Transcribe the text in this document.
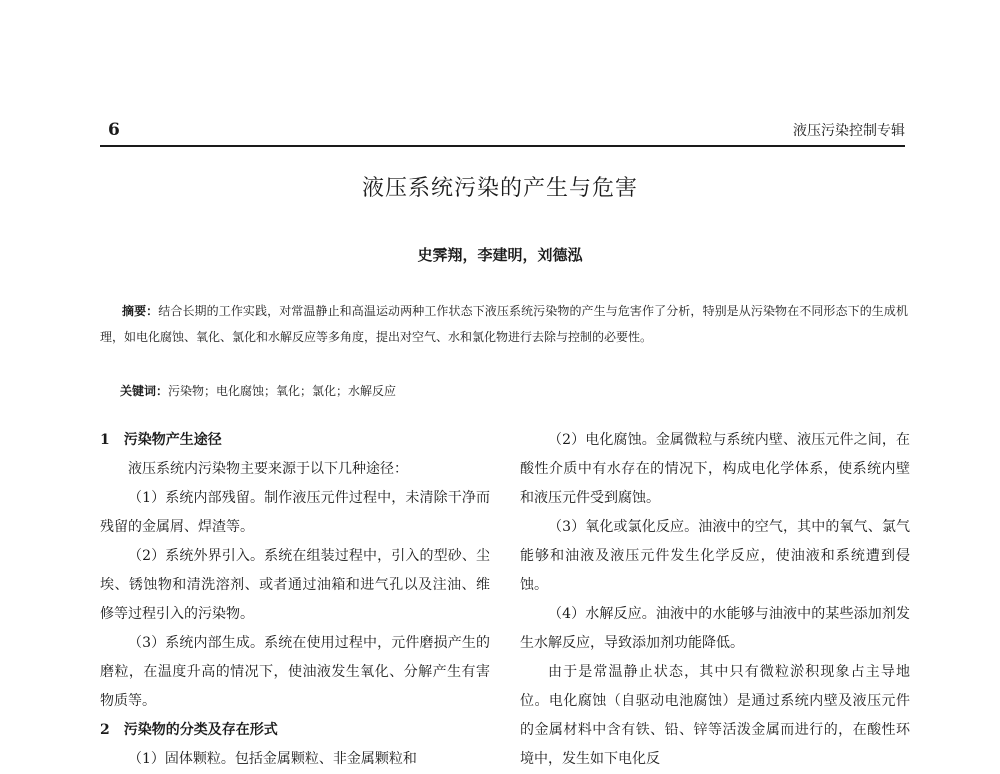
6	液压污染控制专辑
液压系统污染的产生与危害
史霁翔，李建明，刘德泓

摘要：结合长期的工作实践，对常温静止和高温运动两种工作状态下液压系统污染物的产生与危害作了分析，特别是从污染物在不同形态下的生成机理，如电化腐蚀、氧化、氯化和水解反应等多角度，提出对空气、水和氯化物进行去除与控制的必要性。

关键词：污染物；电化腐蚀；氧化；氯化；水解反应

1　污染物产生途径

液压系统内污染物主要来源于以下几种途径：

（1）系统内部残留。制作液压元件过程中，未清除干净而残留的金属屑、焊渣等。

（2）系统外界引入。系统在组装过程中，引入的型砂、尘埃、锈蚀物和清洗溶剂、或者通过油箱和进气孔以及注油、维修等过程引入的污染物。

（3）系统内部生成。系统在使用过程中，元件磨损产生的磨粒，在温度升高的情况下，使油液发生氧化、分解产生有害物质等。

2　污染物的分类及存在形式

（1）固体颗粒。包括金属颗粒、非金属颗粒和

（2）电化腐蚀。金属微粒与系统内壁、液压元件之间，在酸性介质中有水存在的情况下，构成电化学体系，使系统内壁和液压元件受到腐蚀。

（3）氧化或氯化反应。油液中的空气，其中的氧气、氯气能够和油液及液压元件发生化学反应，使油液和系统遭到侵蚀。

（4）水解反应。油液中的水能够与油液中的某些添加剂发生水解反应，导致添加剂功能降低。

由于是常温静止状态，其中只有微粒淤积现象占主导地位。电化腐蚀（自驱动电池腐蚀）是通过系统内壁及液压元件的金属材料中含有铁、铅、锌等活泼金属而进行的，在酸性环境中，发生如下电化反
